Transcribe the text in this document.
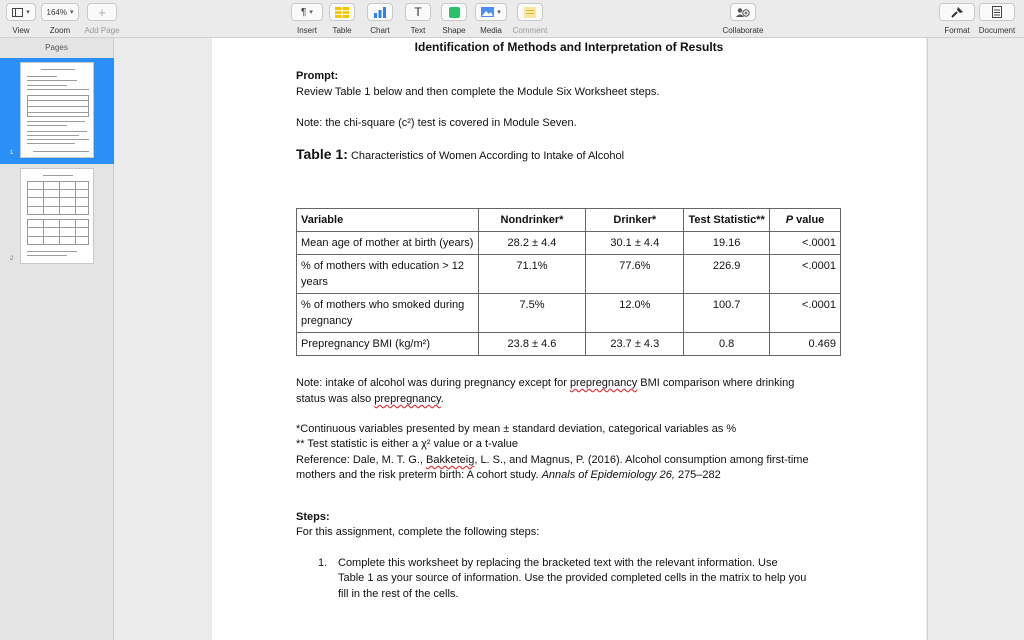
▾
View
164% ▾
Zoom
+
Add Page
¶ ▾
Insert Table Chart
T
Text Shape
▾
Media Comment	Collaborate	Format Document
Pages
1
2
Identification of Methods and Interpretation of Results
Prompt:
Review Table 1 below and then complete the Module Six Worksheet steps.
Note: the chi-square (c²) test is covered in Module Seven.
Table 1: Characteristics of Women According to Intake of Alcohol
Variable	Nondrinker*	Drinker*	Test Statistic**	P value
Mean age of mother at birth (years)	28.2 ± 4.4	30.1 ± 4.4	19.16	<.0001
% of mothers with education > 12 years	71.1%	77.6%	226.9	<.0001
% of mothers who smoked during pregnancy	7.5%	12.0%	100.7	<.0001
Prepregnancy BMI (kg/m²)	23.8 ± 4.6	23.7 ± 4.3	0.8	0.469
Note: intake of alcohol was during pregnancy except for prepregnancy BMI comparison where drinking
status was also prepregnancy.
*Continuous variables presented by mean ± standard deviation, categorical variables as %
** Test statistic is either a χ² value or a t-value
Reference: Dale, M. T. G., Bakketeig, L. S., and Magnus, P. (2016). Alcohol consumption among first-time
mothers and the risk preterm birth: A cohort study. Annals of Epidemiology 26, 275–282
Steps:
For this assignment, complete the following steps:
1. Complete this worksheet by replacing the bracketed text with the relevant information. Use
Table 1 as your source of information. Use the provided completed cells in the matrix to help you
fill in the rest of the cells.
